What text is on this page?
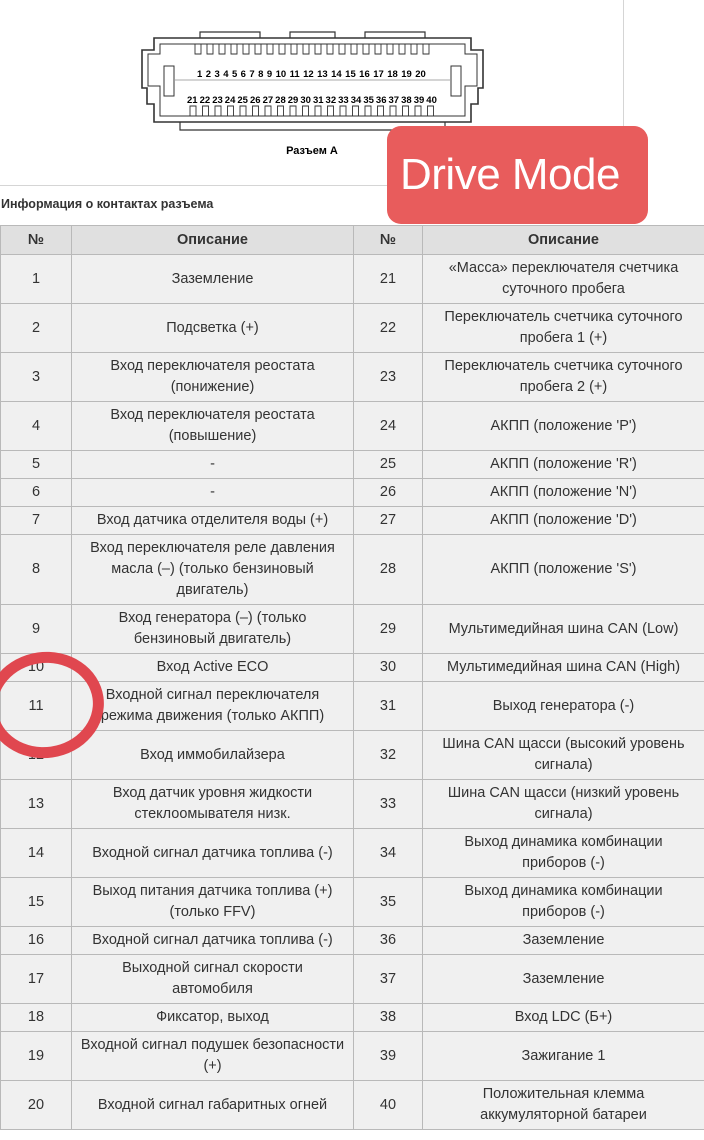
1 2 3 4 5 6 7 8 9 10 11 12 13 14 15 16 17 18 19 20
21 22 23 24 25 26 27 28 29 30 31 32 33 34 35 36 37 38 39 40
Разъем А	Drive Mode
Информация о контактах разъема
№	Описание	№	Описание
1	Заземление	21	«Масса» переключателя счетчика суточного пробега
2	Подсветка (+)	22	Переключатель счетчика суточного пробега 1 (+)
3	Вход переключателя реостата (понижение)	23	Переключатель счетчика суточного пробега 2 (+)
4	Вход переключателя реостата (повышение)	24	АКПП (положение 'P')
5	-	25	АКПП (положение 'R')
6	-	26	АКПП (положение 'N')
7	Вход датчика отделителя воды (+)	27	АКПП (положение 'D')
8	Вход переключателя реле давления масла (–) (только бензиновый двигатель)	28	АКПП (положение 'S')
9	Вход генератора (–) (только бензиновый двигатель)	29	Мультимедийная шина CAN (Low)
10	Вход Active ECO	30	Мультимедийная шина CAN (High)
11	Входной сигнал переключателя режима движения (только АКПП)	31	Выход генератора (-)
12	Вход иммобилайзера	32	Шина CAN щасси (высокий уровень сигнала)
13	Вход датчик уровня жидкости стеклоомывателя низк.	33	Шина CAN щасси (низкий уровень сигнала)
14	Входной сигнал датчика топлива (-)	34	Выход динамика комбинации приборов (-)
15	Выход питания датчика топлива (+) (только FFV)	35	Выход динамика комбинации приборов (-)
16	Входной сигнал датчика топлива (-)	36	Заземление
17	Выходной сигнал скорости автомобиля	37	Заземление
18	Фиксатор, выход	38	Вход LDC (Б+)
19	Входной сигнал подушек безопасности (+)	39	Зажигание 1
20	Входной сигнал габаритных огней	40	Положительная клемма аккумуляторной батареи
